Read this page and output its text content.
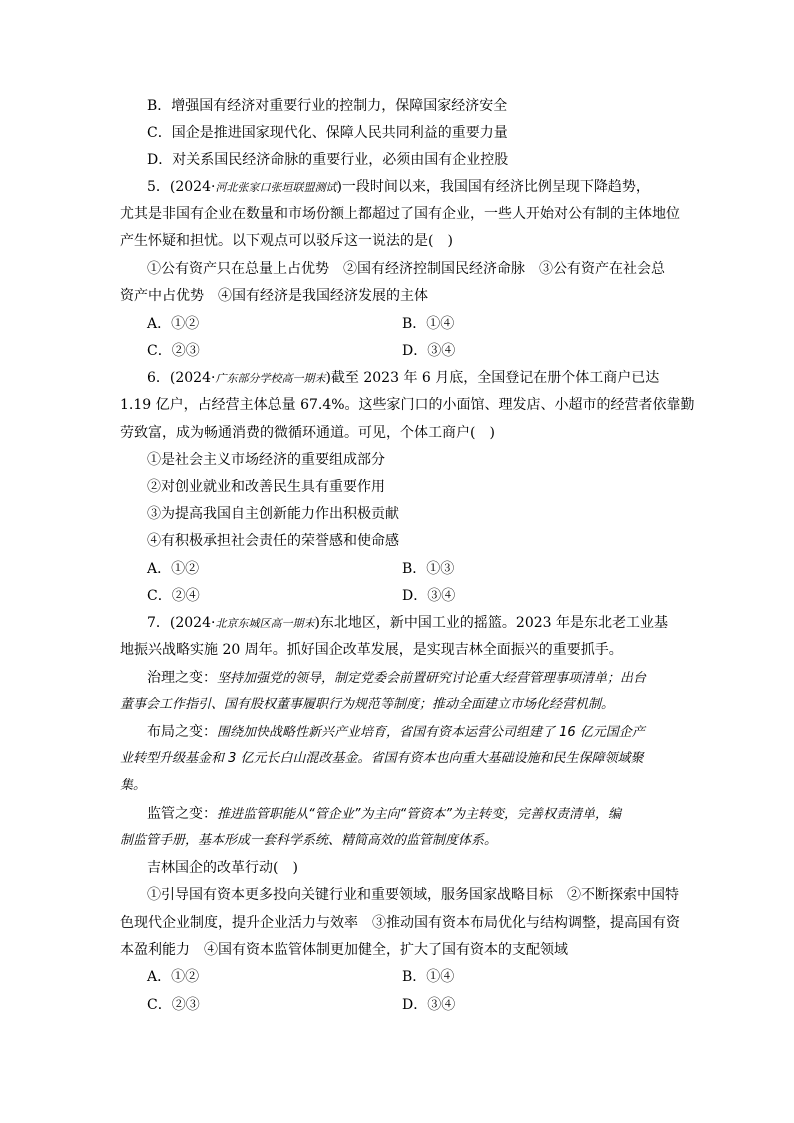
B．增强国有经济对重要行业的控制力，保障国家经济安全
C．国企是推进国家现代化、保障人民共同利益的重要力量
D．对关系国民经济命脉的重要行业，必须由国有企业控股
5．(2024·河北张家口张垣联盟测试)一段时间以来，我国国有经济比例呈现下降趋势，
尤其是非国有企业在数量和市场份额上都超过了国有企业，一些人开始对公有制的主体地位
产生怀疑和担忧。以下观点可以驳斥这一说法的是(　)
①公有资产只在总量上占优势　②国有经济控制国民经济命脉　③公有资产在社会总
资产中占优势　④国有经济是我国经济发展的主体
A．①②	B．①④
C．②③	D．③④
6．(2024·广东部分学校高一期末)截至 2023 年 6 月底，全国登记在册个体工商户已达
1.19 亿户，占经营主体总量 67.4%。这些家门口的小面馆、理发店、小超市的经营者依靠勤
劳致富，成为畅通消费的微循环通道。可见，个体工商户(　)
①是社会主义市场经济的重要组成部分
②对创业就业和改善民生具有重要作用
③为提高我国自主创新能力作出积极贡献
④有积极承担社会责任的荣誉感和使命感
A．①②	B．①③
C．②④	D．③④
7．(2024·北京东城区高一期末)东北地区，新中国工业的摇篮。2023 年是东北老工业基
地振兴战略实施 20 周年。抓好国企改革发展，是实现吉林全面振兴的重要抓手。
治理之变：坚持加强党的领导，制定党委会前置研究讨论重大经营管理事项清单；出台
董事会工作指引、国有股权董事履职行为规范等制度；推动全面建立市场化经营机制。
布局之变：围绕加快战略性新兴产业培育，省国有资本运营公司组建了 16 亿元国企产
业转型升级基金和 3 亿元长白山混改基金。省国有资本也向重大基础设施和民生保障领域聚
集。
监管之变：推进监管职能从“管企业”为主向“管资本”为主转变，完善权责清单，编
制监管手册，基本形成一套科学系统、精简高效的监管制度体系。
吉林国企的改革行动(　)
①引导国有资本更多投向关键行业和重要领域，服务国家战略目标　②不断探索中国特
色现代企业制度，提升企业活力与效率　③推动国有资本布局优化与结构调整，提高国有资
本盈利能力　④国有资本监管体制更加健全，扩大了国有资本的支配领域
A．①②	B．①④
C．②③	D．③④
